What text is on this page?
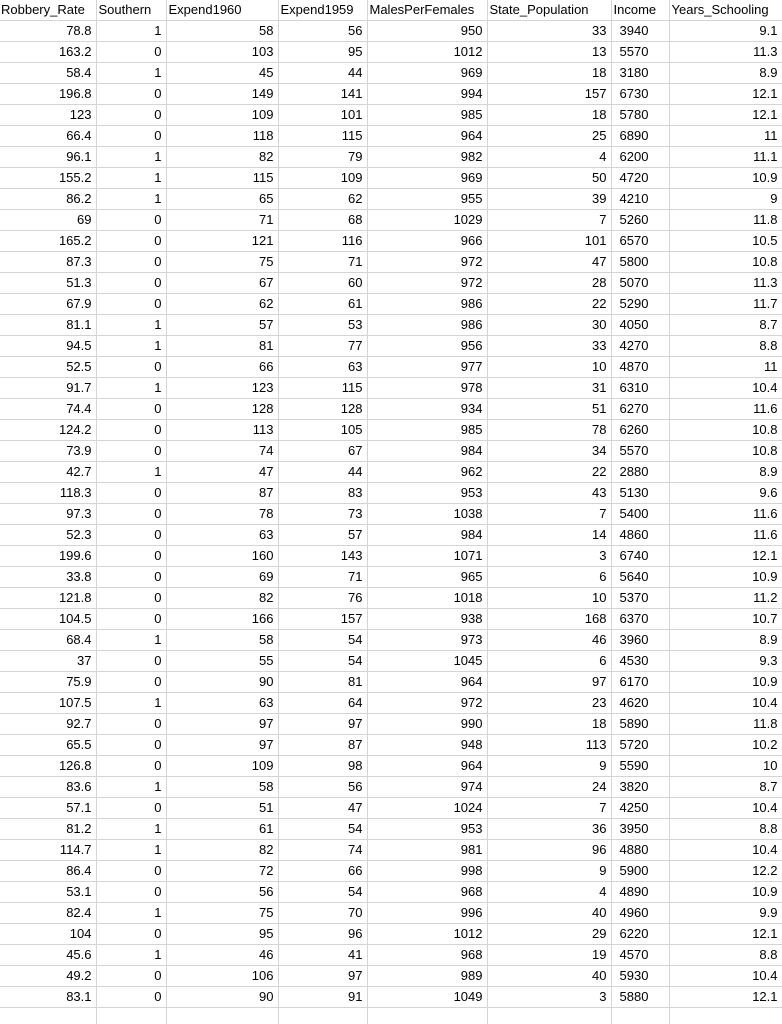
Robbery_Rate	Southern	Expend1960	Expend1959	MalesPerFemales	State_Population	Income	Years_Schooling
78.8	1	58	56	950	33	3940	9.1
163.2	0	103	95	1012	13	5570	11.3
58.4	1	45	44	969	18	3180	8.9
196.8	0	149	141	994	157	6730	12.1
123	0	109	101	985	18	5780	12.1
66.4	0	118	115	964	25	6890	11
96.1	1	82	79	982	4	6200	11.1
155.2	1	115	109	969	50	4720	10.9
86.2	1	65	62	955	39	4210	9
69	0	71	68	1029	7	5260	11.8
165.2	0	121	116	966	101	6570	10.5
87.3	0	75	71	972	47	5800	10.8
51.3	0	67	60	972	28	5070	11.3
67.9	0	62	61	986	22	5290	11.7
81.1	1	57	53	986	30	4050	8.7
94.5	1	81	77	956	33	4270	8.8
52.5	0	66	63	977	10	4870	11
91.7	1	123	115	978	31	6310	10.4
74.4	0	128	128	934	51	6270	11.6
124.2	0	113	105	985	78	6260	10.8
73.9	0	74	67	984	34	5570	10.8
42.7	1	47	44	962	22	2880	8.9
118.3	0	87	83	953	43	5130	9.6
97.3	0	78	73	1038	7	5400	11.6
52.3	0	63	57	984	14	4860	11.6
199.6	0	160	143	1071	3	6740	12.1
33.8	0	69	71	965	6	5640	10.9
121.8	0	82	76	1018	10	5370	11.2
104.5	0	166	157	938	168	6370	10.7
68.4	1	58	54	973	46	3960	8.9
37	0	55	54	1045	6	4530	9.3
75.9	0	90	81	964	97	6170	10.9
107.5	1	63	64	972	23	4620	10.4
92.7	0	97	97	990	18	5890	11.8
65.5	0	97	87	948	113	5720	10.2
126.8	0	109	98	964	9	5590	10
83.6	1	58	56	974	24	3820	8.7
57.1	0	51	47	1024	7	4250	10.4
81.2	1	61	54	953	36	3950	8.8
114.7	1	82	74	981	96	4880	10.4
86.4	0	72	66	998	9	5900	12.2
53.1	0	56	54	968	4	4890	10.9
82.4	1	75	70	996	40	4960	9.9
104	0	95	96	1012	29	6220	12.1
45.6	1	46	41	968	19	4570	8.8
49.2	0	106	97	989	40	5930	10.4
83.1	0	90	91	1049	3	5880	12.1
